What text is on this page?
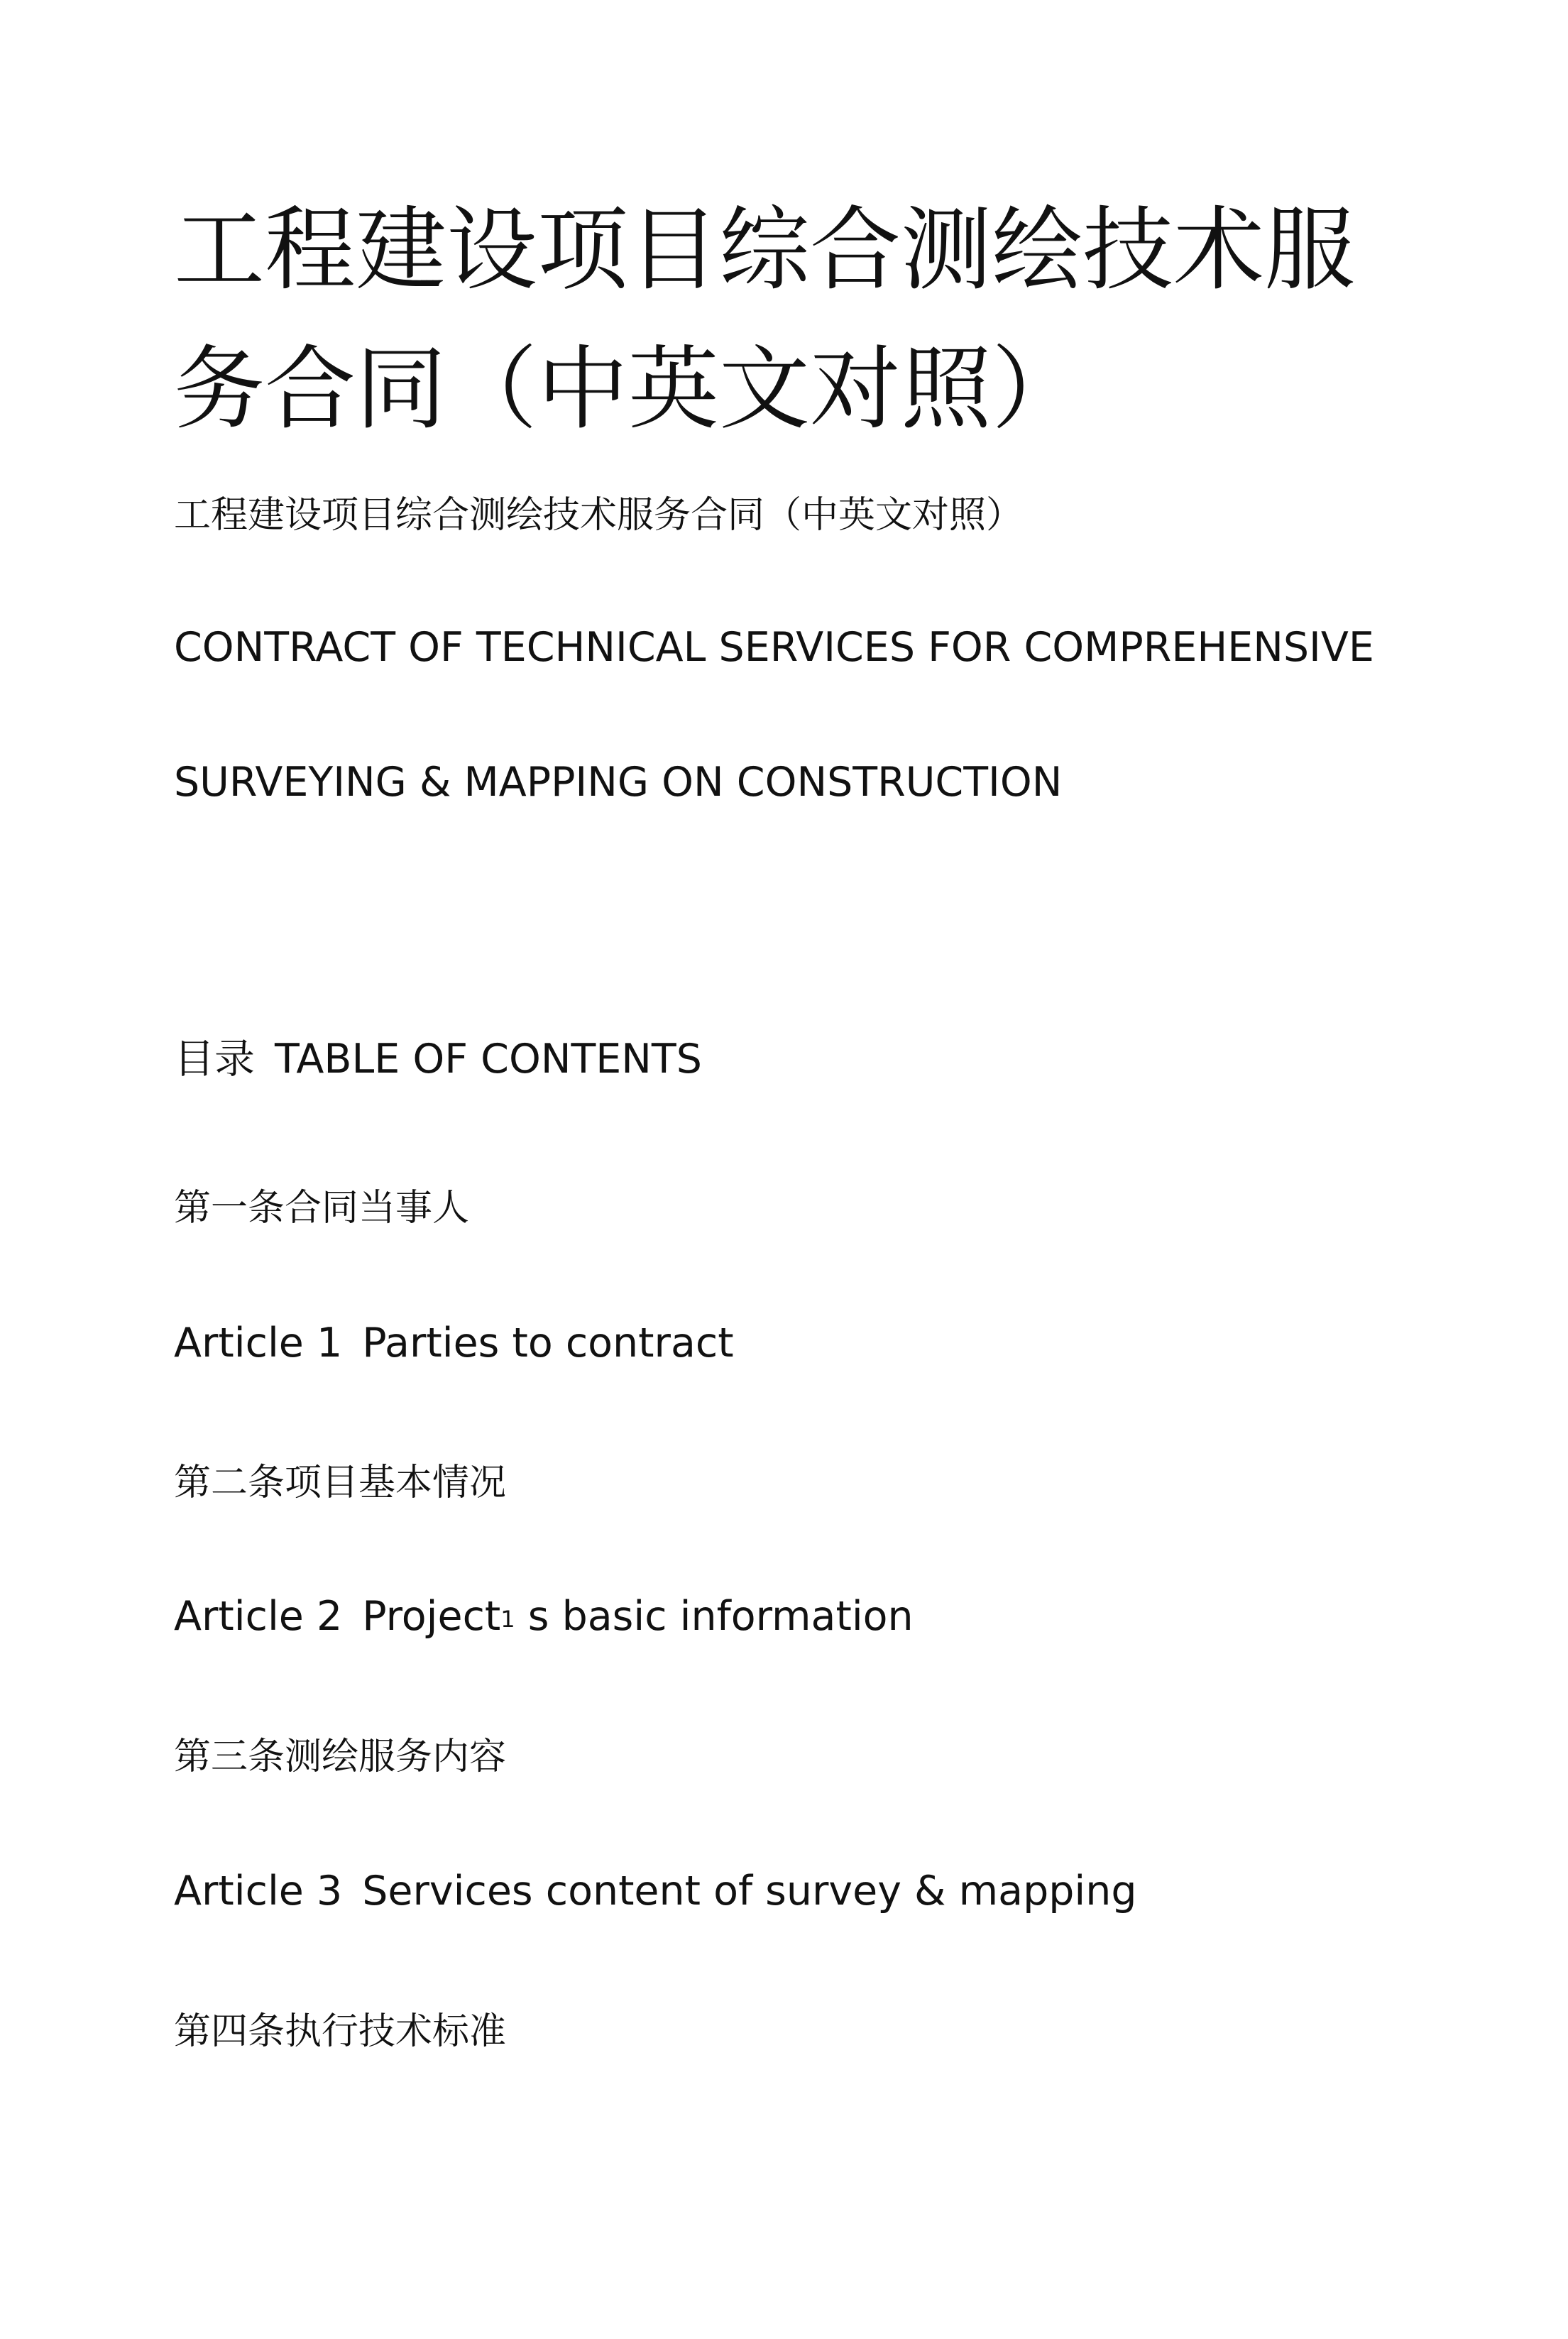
工程建设项目综合测绘技术服务合同（中英文对照）

工程建设项目综合测绘技术服务合同（中英文对照）

CONTRACT OF TECHNICAL SERVICES FOR COMPREHENSIVE

SURVEYING & MAPPING ON CONSTRUCTION

目录 TABLE OF CONTENTS

第一条合同当事人

Article 1 Parties to contract

第二条项目基本情况

Article 2 Project$^1$ s basic information

第三条测绘服务内容

Article 3 Services content of survey & mapping

第四条执行技术标准
